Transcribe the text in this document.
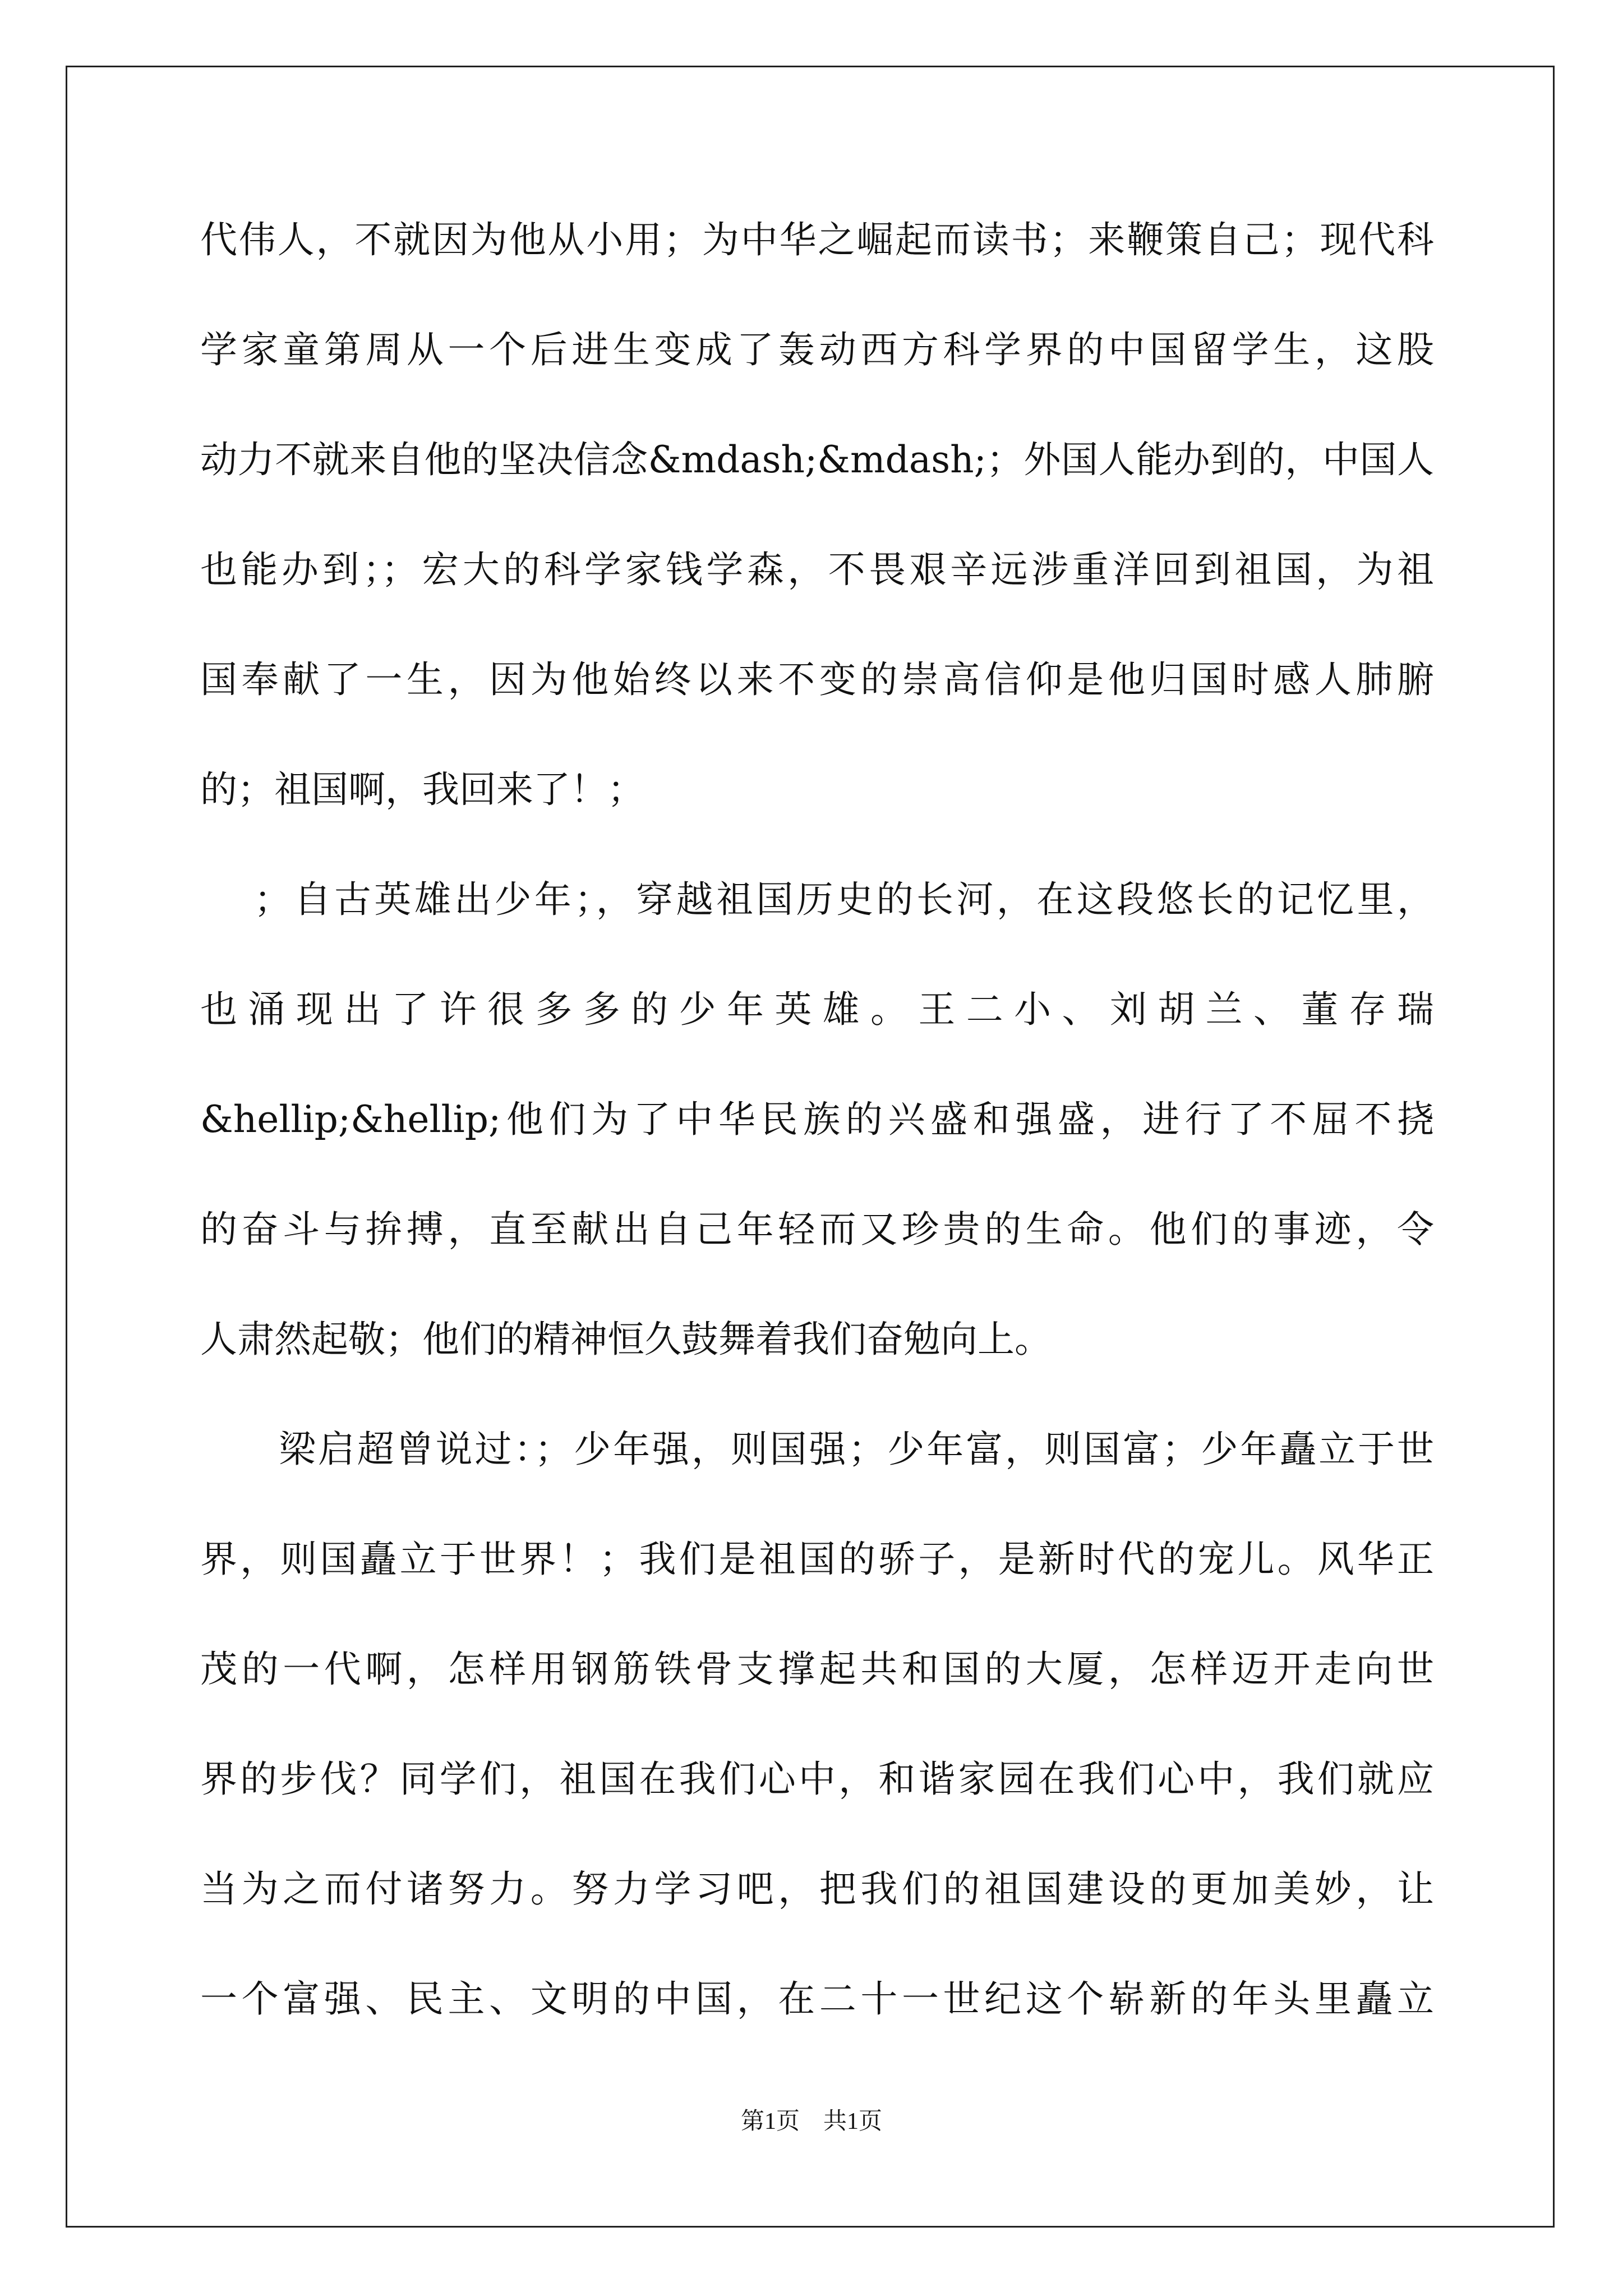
代伟人，不就因为他从小用；为中华之崛起而读书；来鞭策自己；现代科
学家童第周从一个后进生变成了轰动西方科学界的中国留学生，这股
动力不就来自他的坚决信念&mdash;&mdash;；外国人能办到的，中国人
也能办到；；宏大的科学家钱学森，不畏艰辛远涉重洋回到祖国，为祖
国奉献了一生，因为他始终以来不变的崇高信仰是他归国时感人肺腑
的；祖国啊，我回来了！；
；自古英雄出少年；，穿越祖国历史的长河，在这段悠长的记忆里，
也涌现出了许很多多的少年英雄。王二小、刘胡兰、董存瑞
&hellip;&hellip;他们为了中华民族的兴盛和强盛，进行了不屈不挠
的奋斗与拚搏，直至献出自己年轻而又珍贵的生命。他们的事迹，令
人肃然起敬；他们的精神恒久鼓舞着我们奋勉向上。
梁启超曾说过：；少年强，则国强；少年富，则国富；少年矗立于世
界，则国矗立于世界！；我们是祖国的骄子，是新时代的宠儿。风华正
茂的一代啊，怎样用钢筋铁骨支撑起共和国的大厦，怎样迈开走向世
界的步伐？同学们，祖国在我们心中，和谐家园在我们心中，我们就应
当为之而付诸努力。努力学习吧，把我们的祖国建设的更加美妙，让
一个富强、民主、文明的中国，在二十一世纪这个崭新的年头里矗立
第1页　共1页
